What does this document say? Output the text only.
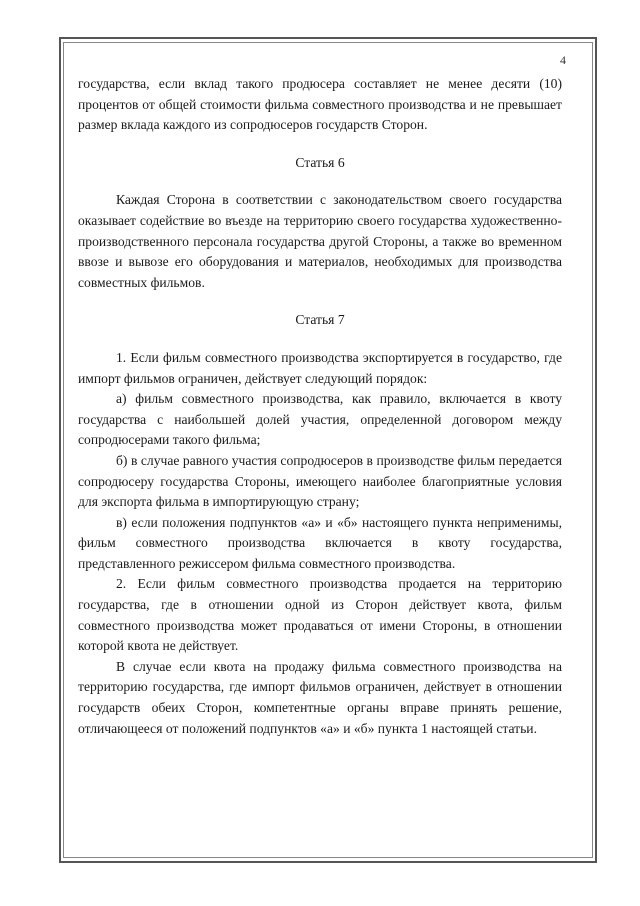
4

государства, если вклад такого продюсера составляет не менее десяти (10) процентов от общей стоимости фильма совместного производства и не превышает размер вклада каждого из сопродюсеров государств Сторон.

Статья 6

Каждая Сторона в соответствии с законодательством своего государства оказывает содействие во въезде на территорию своего государства художественно-производственного персонала государства другой Стороны, а также во временном ввозе и вывозе его оборудования и материалов, необходимых для производства совместных фильмов.

Статья 7

1. Если фильм совместного производства экспортируется в государство, где импорт фильмов ограничен, действует следующий порядок:

а) фильм совместного производства, как правило, включается в квоту государства с наибольшей долей участия, определенной договором между сопродюсерами такого фильма;

б) в случае равного участия сопродюсеров в производстве фильм передается сопродюсеру государства Стороны, имеющего наиболее благоприятные условия для экспорта фильма в импортирующую страну;

в) если положения подпунктов «а» и «б» настоящего пункта неприменимы, фильм совместного производства включается в квоту государства, представленного режиссером фильма совместного производства.

2. Если фильм совместного производства продается на территорию государства, где в отношении одной из Сторон действует квота, фильм совместного производства может продаваться от имени Стороны, в отношении которой квота не действует.

В случае если квота на продажу фильма совместного производства на территорию государства, где импорт фильмов ограничен, действует в отношении государств обеих Сторон, компетентные органы вправе принять решение, отличающееся от положений подпунктов «а» и «б» пункта 1 настоящей статьи.
